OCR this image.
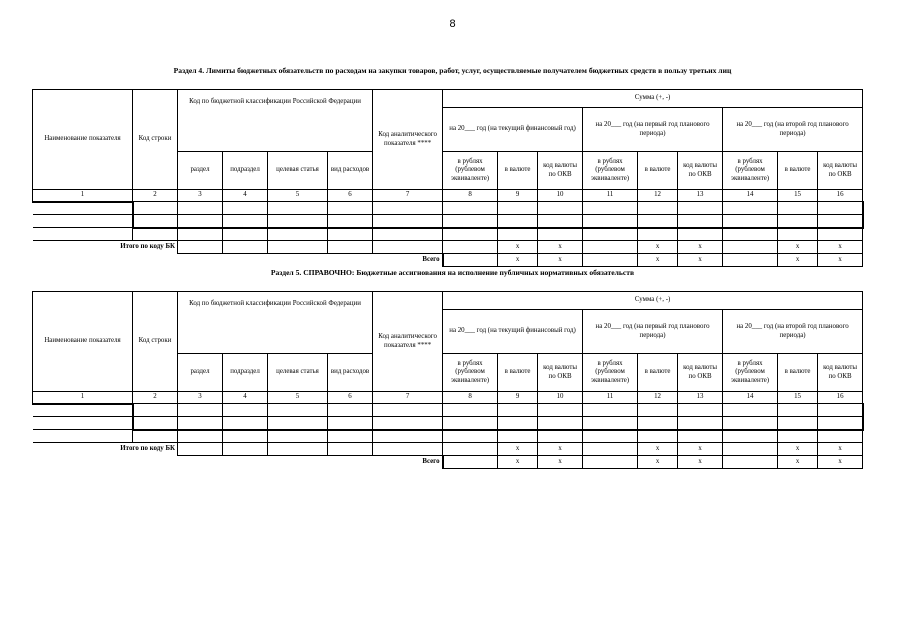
8
Раздел 4. Лимиты бюджетных обязательств по расходам на закупки товаров, работ, услуг, осуществляемые получателем бюджетных средств в пользу третьих лиц
Наименование показателя	Код строки	Код по бюджетной классификации Российской Федерации				Код аналитического показателя ****	Сумма (+, -)								
							на 20___ год (на текущий финансовый год)			на 20___ год (на первый год планового периода)			на 20___ год (на второй год планового периода)		
		раздел	подраздел	целевая статья	вид расходов		в рублях (рублевом эквиваленте)	в валюте	код валюты по ОКВ	в рублях (рублевом эквиваленте)	в валюте	код валюты по ОКВ	в рублях (рублевом эквиваленте)	в валюте	код валюты по ОКВ
1	2	3	4	5	6	7	8	9	10	11	12	13	14	15	16

Итого по коду БК								x	x		x	x		x	x
Всего								x	x		x	x		x	x
Раздел 5. СПРАВОЧНО: Бюджетные ассигнования на исполнение публичных нормативных обязательств
Наименование показателя	Код строки	Код по бюджетной классификации Российской Федерации				Код аналитического показателя ****	Сумма (+, -)								
							на 20___ год (на текущий финансовый год)			на 20___ год (на первый год планового периода)			на 20___ год (на второй год планового периода)		
		раздел	подраздел	целевая статья	вид расходов		в рублях (рублевом эквиваленте)	в валюте	код валюты по ОКВ	в рублях (рублевом эквиваленте)	в валюте	код валюты по ОКВ	в рублях (рублевом эквиваленте)	в валюте	код валюты по ОКВ
1	2	3	4	5	6	7	8	9	10	11	12	13	14	15	16

Итого по коду БК								x	x		x	x		x	x
Всего								x	x		x	x		x	x
